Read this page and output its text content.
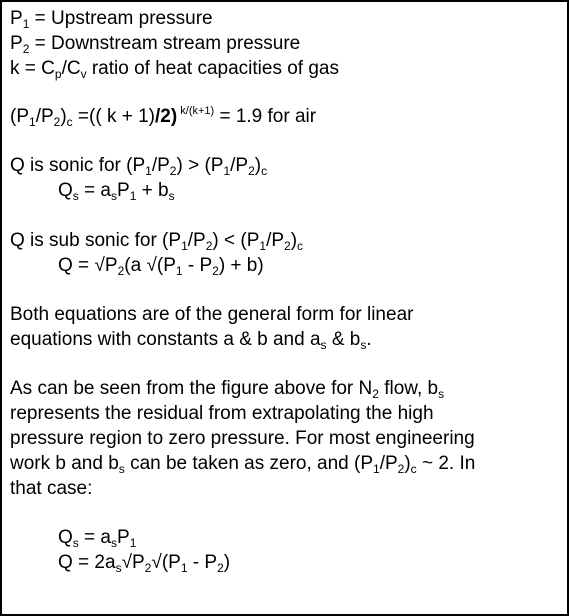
$P_1$ = Upstream pressure
$P_2$ = Downstream stream pressure
$k = C_p/C_v$ ratio of heat capacities of gas
$(P_1/P_2)_c$ =(( k + 1)/2) $^{k/(k+1)}$ = 1.9 for air
Q is sonic for $(P_1/P_2) > (P_1/P_2)_c$
$Q_s = a_sP_1 + b_s$
Q is sub sonic for $(P_1/P_2) < (P_1/P_2)_c$
$Q = √P_2(a$ $√(P_1 - P_2) + b$)
Both equations are of the general form for linear
equations with constants a & b and $a_s$ & $b_s$.
As can be seen from the figure above for $N_2$ flow, $b_s$
represents the residual from extrapolating the high
pressure region to zero pressure. For most engineering
work b and $b_s$ can be taken as zero, and $(P_1/P_2)_c$ ~ 2. In
that case:
$Q_s = a_sP_1$
$Q = 2a_s√P_2√(P_1 - P_2)$
